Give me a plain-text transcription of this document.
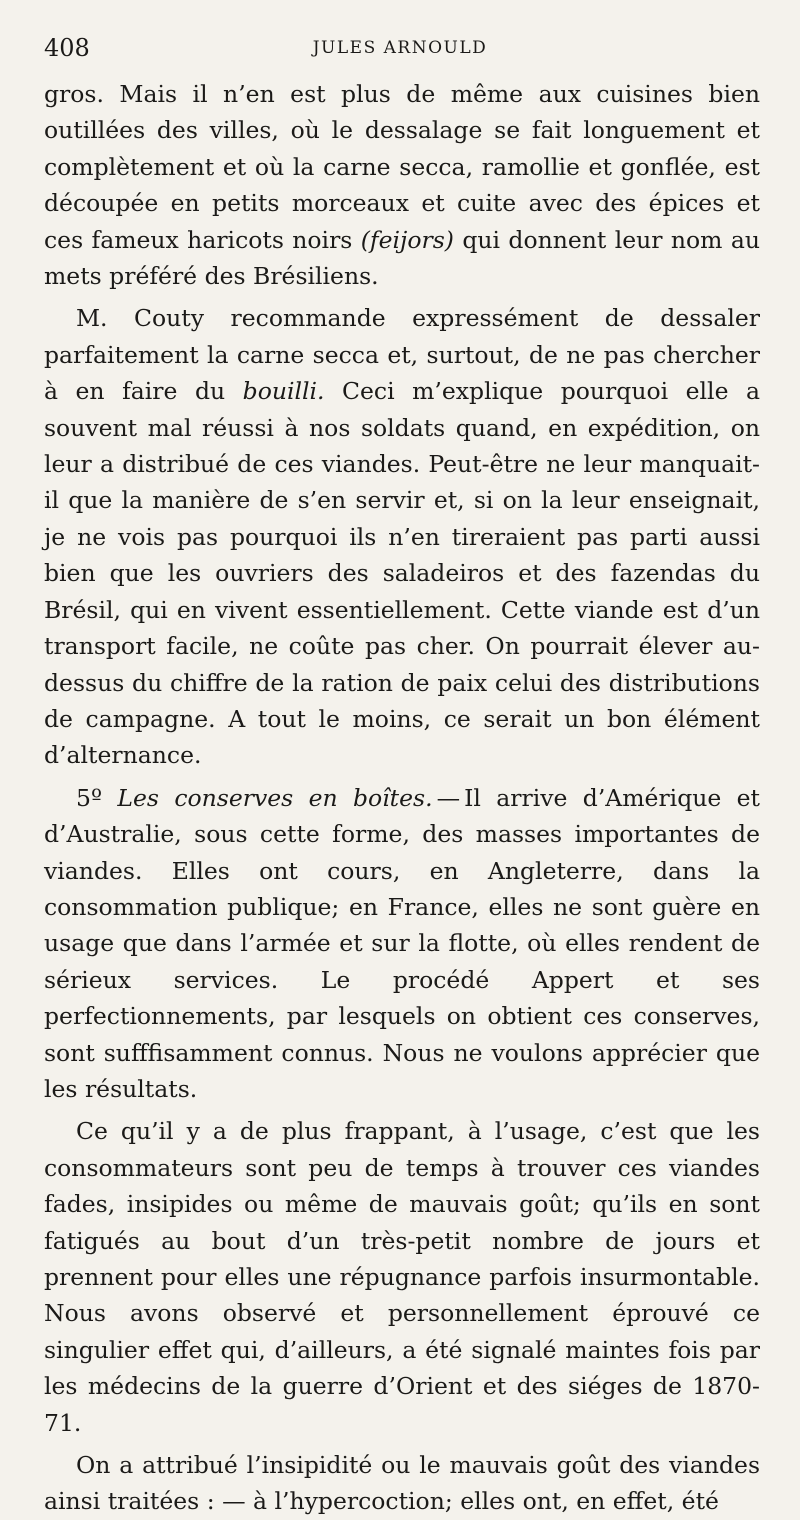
408	JULES ARNOULD

gros. Mais il n’en est plus de même aux cuisines bien outillées des villes, où le dessalage se fait longuement et complètement et où la carne secca, ramollie et gonflée, est découpée en petits morceaux et cuite avec des épices et ces fameux haricots noirs (feijors) qui donnent leur nom au mets préféré des Brésiliens.

M. Couty recommande expressément de dessaler parfaitement la carne secca et, surtout, de ne pas chercher à en faire du bouilli. Ceci m’explique pourquoi elle a souvent mal réussi à nos soldats quand, en expédition, on leur a distribué de ces viandes. Peut-être ne leur manquait-il que la manière de s’en servir et, si on la leur enseignait, je ne vois pas pourquoi ils n’en tireraient pas parti aussi bien que les ouvriers des saladeiros et des fazendas du Brésil, qui en vivent essentiellement. Cette viande est d’un transport facile, ne coûte pas cher. On pourrait élever au-dessus du chiffre de la ration de paix celui des distributions de campagne. A tout le moins, ce serait un bon élément d’alternance.

5º Les conserves en boîtes. — Il arrive d’Amérique et d’Australie, sous cette forme, des masses importantes de viandes. Elles ont cours, en Angleterre, dans la consommation publique; en France, elles ne sont guère en usage que dans l’armée et sur la flotte, où elles rendent de sérieux services. Le procédé Appert et ses perfectionnements, par lesquels on obtient ces conserves, sont sufffisamment connus. Nous ne voulons apprécier que les résultats.

Ce qu’il y a de plus frappant, à l’usage, c’est que les consommateurs sont peu de temps à trouver ces viandes fades, insipides ou même de mauvais goût; qu’ils en sont fatigués au bout d’un très-petit nombre de jours et prennent pour elles une répugnance parfois insurmontable. Nous avons observé et personnellement éprouvé ce singulier effet qui, d’ailleurs, a été signalé maintes fois par les médecins de la guerre d’Orient et des siéges de 1870-71.

On a attribué l’insipidité ou le mauvais goût des viandes ainsi traitées : — à l’hypercoction; elles ont, en effet, été
